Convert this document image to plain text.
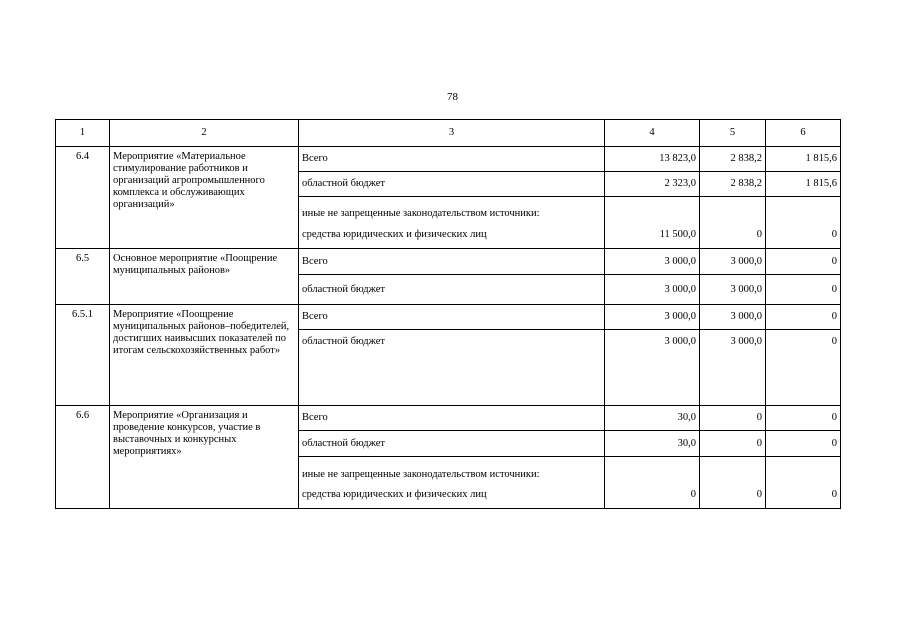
78
1	2	3	4	5	6
6.4	Мероприятие «Материальное стимулирование работников и организаций агропромышленного комплекса и обслуживающих организаций»	Всего	13 823,0	2 838,2	1 815,6
		областной бюджет	2 323,0	2 838,2	1 815,6
		иные не запрещенные законодательством источники:			
		средства юридических и физических лиц	11 500,0	0	0
6.5	Основное мероприятие «Поощрение муниципальных районов»	Всего	3 000,0	3 000,0	0
		областной бюджет	3 000,0	3 000,0	0
6.5.1	Мероприятие «Поощрение муниципальных районов–победителей, достигших наивысших показателей по итогам сельскохозяйственных работ»	Всего	3 000,0	3 000,0	0
		областной бюджет	3 000,0	3 000,0	0
6.6	Мероприятие «Организация и проведение конкурсов, участие в выставочных и конкурсных мероприятиях»	Всего	30,0	0	0
		областной бюджет	30,0	0	0
		иные не запрещенные законодательством источники:			
		средства юридических и физических лиц	0	0	0
